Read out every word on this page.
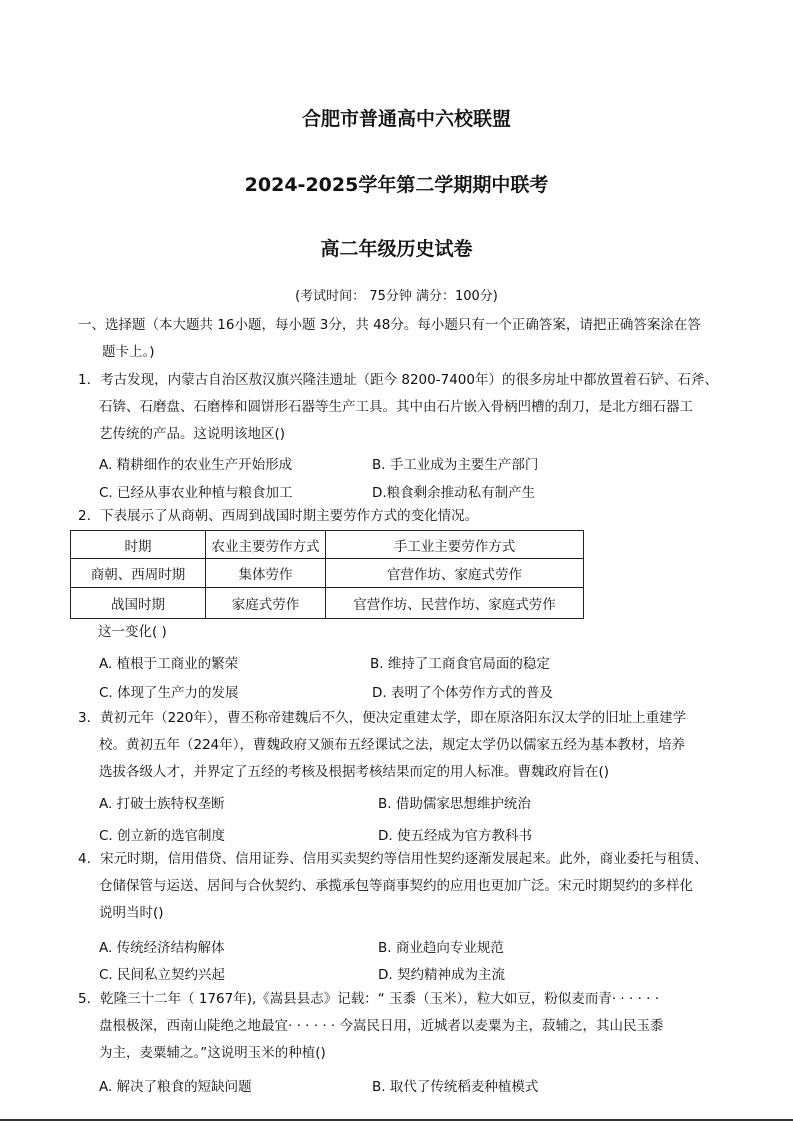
合肥市普通高中六校联盟
2024-2025学年第二学期期中联考
高二年级历史试卷
(考试时间： 75分钟 满分：100分)
一、选择题（本大题共 16小题，每小题 3分，共 48分。每小题只有一个正确答案，请把正确答案涂在答
题卡上。)
1．考古发现，内蒙古自治区敖汉旗兴隆洼遗址（距今 8200-7400年）的很多房址中都放置着石铲、石斧、
石锛、石磨盘、石磨棒和圆饼形石器等生产工具。其中由石片嵌入骨柄凹槽的刮刀，是北方细石器工
艺传统的产品。这说明该地区()
A. 精耕细作的农业生产开始形成	B. 手工业成为主要生产部门
C. 已经从事农业种植与粮食加工	D.粮食剩余推动私有制产生
2．下表展示了从商朝、西周到战国时期主要劳作方式的变化情况。
时期	农业主要劳作方式	手工业主要劳作方式
商朝、西周时期	集体劳作	官营作坊、家庭式劳作
战国时期	家庭式劳作	官营作坊、民营作坊、家庭式劳作
这一变化( )
A. 植根于工商业的繁荣	B. 维持了工商食官局面的稳定
C. 体现了生产力的发展	D. 表明了个体劳作方式的普及
3．黄初元年（220年），曹丕称帝建魏后不久，便决定重建太学，即在原洛阳东汉太学的旧址上重建学
校。黄初五年（224年），曹魏政府又颁布五经课试之法，规定太学仍以儒家五经为基本教材，培养
选拔各级人才，并界定了五经的考核及根据考核结果而定的用人标准。曹魏政府旨在()
A. 打破士族特权垄断	B. 借助儒家思想维护统治
C. 创立新的选官制度	D. 使五经成为官方教科书
4．宋元时期，信用借贷、信用证券、信用买卖契约等信用性契约逐渐发展起来。此外，商业委托与租赁、
仓储保管与运送、居间与合伙契约、承揽承包等商事契约的应用也更加广泛。宋元时期契约的多样化
说明当时()
A. 传统经济结构解体	B. 商业趋向专业规范
C. 民间私立契约兴起	D. 契约精神成为主流
5．乾隆三十二年（ 1767年),《嵩县县志》记载：“ 玉黍（玉米），粒大如豆，粉似麦而青· · · · · ·
盘根极深，西南山陡绝之地最宜· · · · · · 今嵩民日用，近城者以麦粟为主，菽辅之，其山民玉黍
为主，麦粟辅之。”这说明玉米的种植()
A. 解决了粮食的短缺问题	B. 取代了传统稻麦种植模式
